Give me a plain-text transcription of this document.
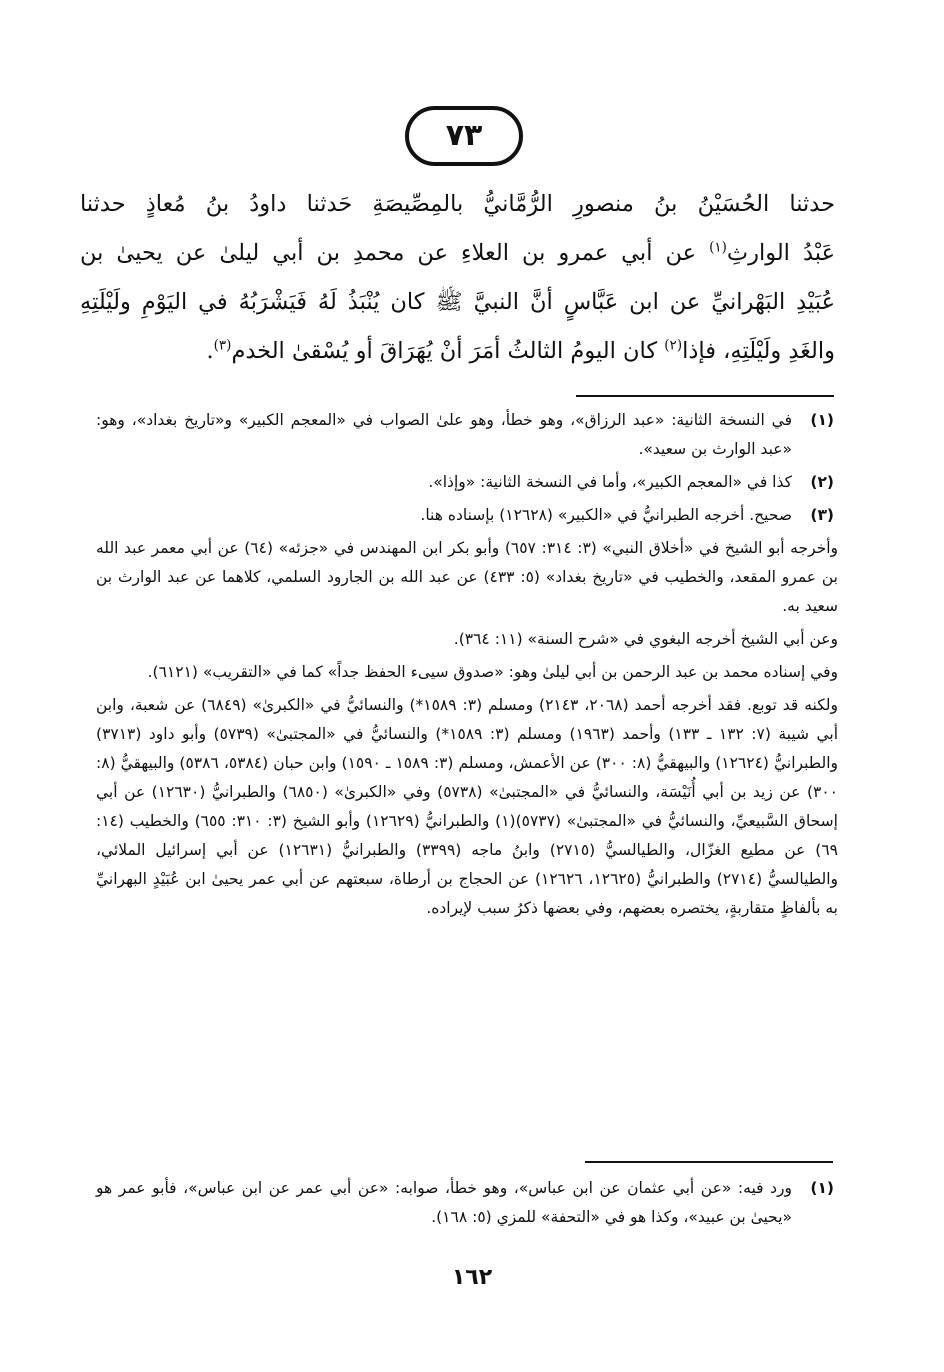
٧٣
حدثنا الحُسَيْنُ بنُ منصورِ الرُّمَّانيُّ بالمِصِّيصَةِ حَدثنا داودُ بنُ مُعاذٍ حدثنا
عَبْدُ الوارثِ$^{(١)}$ عن أبي عمرو بن العلاءِ عن محمدِ بن أبي ليلىٰ عن يحيىٰ بن
عُبَيْدِ البَهْرانيِّ عن ابن عَبَّاسٍ أنَّ النبيَّ ﷺ كان يُنْبَذُ لَهُ فَيَشْرَبُهُ في اليَوْمِ ولَيْلَتِهِ
والغَدِ ولَيْلَتِهِ، فإذا$^{(٢)}$ كان اليومُ الثالثُ أمَرَ أنْ يُهَرَاقَ أو يُسْقىٰ الخدم$^{(٣)}$.
(١)
في النسخة الثانية: «عبد الرزاق»، وهو خطأ، وهو علىٰ الصواب في «المعجم الكبير» و«تاريخ بغداد»، وهو: «عبد الوارث بن سعيد».
(٢)
كذا في «المعجم الكبير»، وأما في النسخة الثانية: «وإذا».
(٣)
صحيح. أخرجه الطبرانيُّ في «الكبير» (١٢٦٢٨) بإسناده هنا.

وأخرجه أبو الشيخ في «أخلاق النبي» (٣: ٣١٤: ٦٥٧) وأبو بكر ابن المهندس في «جزئه» (٦٤) عن أبي معمر عبد الله بن عمرو المقعد، والخطيب في «تاريخ بغداد» (٥: ٤٣٣) عن عبد الله بن الجارود السلمي، كلاهما عن عبد الوارث بن سعيد به.

وعن أبي الشيخ أخرجه البغوي في «شرح السنة» (١١: ٣٦٤).

وفي إسناده محمد بن عبد الرحمن بن أبي ليلىٰ وهو: «صدوق سيىء الحفظ جداً» كما في «التقريب» (٦١٢١).

ولكنه قد توبع. فقد أخرجه أحمد (٢٠٦٨، ٢١٤٣) ومسلم (٣: ١٥٨٩*) والنسائيُّ في «الكبرىٰ» (٦٨٤٩) عن شعبة، وابن أبي شيبة (٧: ١٣٢ ـ ١٣٣) وأحمد (١٩٦٣) ومسلم (٣: ١٥٨٩*) والنسائيُّ في «المجتبىٰ» (٥٧٣٩) وأبو داود (٣٧١٣) والطبرانيُّ (١٢٦٢٤) والبيهقيُّ (٨: ٣٠٠) عن الأعمش، ومسلم (٣: ١٥٨٩ ـ ١٥٩٠) وابن حبان (٥٣٨٤، ٥٣٨٦) والبيهقيُّ (٨: ٣٠٠) عن زيد بن أبي أُنَيْسَة، والنسائيُّ في «المجتبىٰ» (٥٧٣٨) وفي «الكبرىٰ» (٦٨٥٠) والطبرانيُّ (١٢٦٣٠) عن أبي إسحاق السَّبيعيِّ، والنسائيُّ في «المجتبىٰ» (٥٧٣٧)(١) والطبرانيُّ (١٢٦٢٩) وأبو الشيخ (٣: ٣١٠: ٦٥٥) والخطيب (١٤: ٦٩) عن مطيع الغزّال، والطيالسيُّ (٢٧١٥) وابنُ ماجه (٣٣٩٩) والطبرانيُّ (١٢٦٣١) عن أبي إسرائيل الملائي، والطيالسيُّ (٢٧١٤) والطبرانيُّ (١٢٦٢٥، ١٢٦٢٦) عن الحجاج بن أرطاة، سبعتهم عن أبي عمر يحيىٰ ابن عُبَيْدٍ البهرانيِّ به بألفاظٍ متقاربةٍ، يختصره بعضهم، وفي بعضها ذكرُ سبب لإيراده.

(١)
ورد فيه: «عن أبي عثمان عن ابن عباس»، وهو خطأ، صوابه: «عن أبي عمر عن ابن عباس»، فأبو عمر هو «يحيىٰ بن عبيد»، وكذا هو في «التحفة» للمزي (٥: ١٦٨).
١٦٢
